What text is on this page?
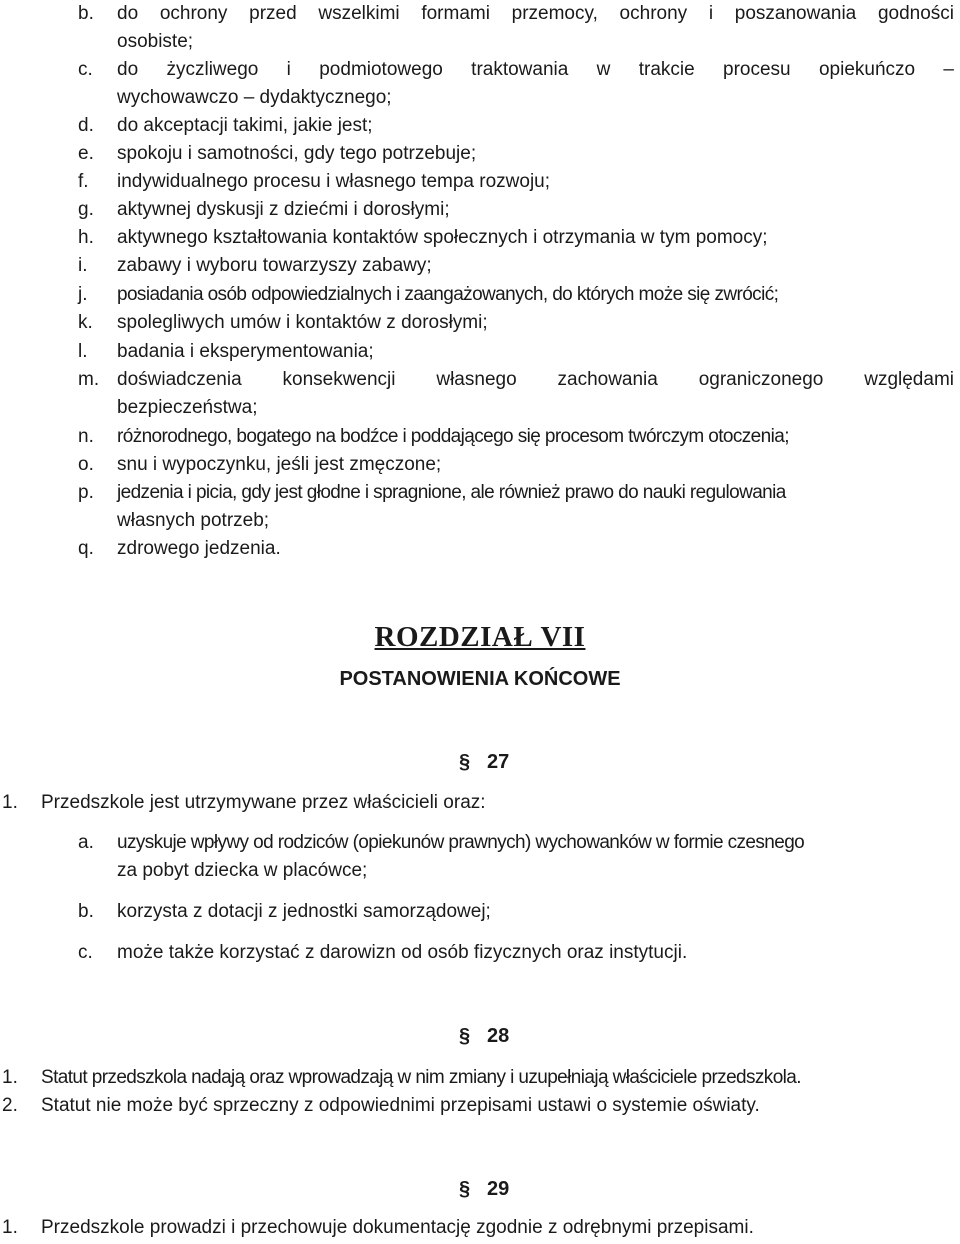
b.	do ochrony przed wszelkimi formami przemocy, ochrony i poszanowania godności
osobiste;
c.	do życzliwego i podmiotowego traktowania w trakcie procesu opiekuńczo –
wychowawczo – dydaktycznego;
d.	do akceptacji takimi, jakie jest;
e.	spokoju i samotności, gdy tego potrzebuje;
f.	indywidualnego procesu i własnego tempa rozwoju;
g.	aktywnej dyskusji z dziećmi i dorosłymi;
h.	aktywnego kształtowania kontaktów społecznych i otrzymania w tym pomocy;
i.	zabawy i wyboru towarzyszy zabawy;
j.	posiadania osób odpowiedzialnych i zaangażowanych, do których może się zwrócić;
k.	spolegliwych umów i kontaktów z dorosłymi;
l.	badania i eksperymentowania;
m. doświadczenia konsekwencji własnego zachowania ograniczonego względami
bezpieczeństwa;
n.	różnorodnego, bogatego na bodźce i poddającego się procesom twórczym otoczenia;
o.	snu i wypoczynku, jeśli jest zmęczone;
p.	jedzenia i picia, gdy jest głodne i spragnione, ale również prawo do nauki regulowania
własnych potrzeb;
q.	zdrowego jedzenia.
ROZDZIAŁ VII
POSTANOWIENIA KOŃCOWE
§ 27
1.	Przedszkole jest utrzymywane przez właścicieli oraz:
a.	uzyskuje wpływy od rodziców (opiekunów prawnych) wychowanków w formie czesnego
za pobyt dziecka w placówce;
b.	korzysta z dotacji z jednostki samorządowej;
c.	może także korzystać z darowizn od osób fizycznych oraz instytucji.
§ 28
1.	Statut przedszkola nadają oraz wprowadzają w nim zmiany i uzupełniają właściciele przedszkola.
2.	Statut nie może być sprzeczny z odpowiednimi przepisami ustawi o systemie oświaty.
§ 29
1.	Przedszkole prowadzi i przechowuje dokumentację zgodnie z odrębnymi przepisami.
